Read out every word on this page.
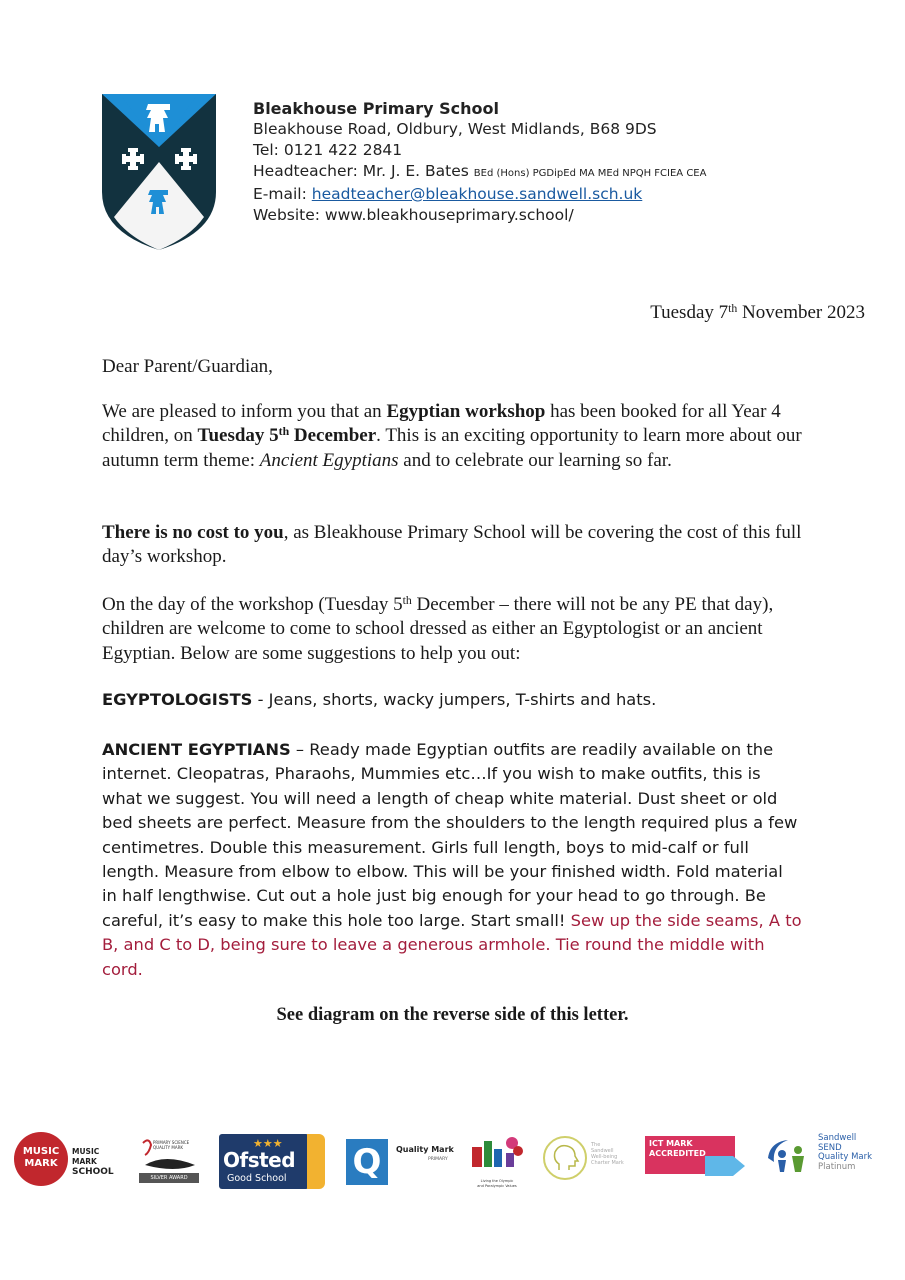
Bleakhouse Primary School
Bleakhouse Road, Oldbury, West Midlands, B68 9DS
Tel: 0121 422 2841
Headteacher: Mr. J. E. Bates BEd (Hons) PGDipEd MA MEd NPQH FCIEA CEA
E-mail: headteacher@bleakhouse.sandwell.sch.uk
Website: www.bleakhouseprimary.school/
Tuesday 7th November 2023

Dear Parent/Guardian,

We are pleased to inform you that an Egyptian workshop has been booked for all Year 4 children, on Tuesday 5th December. This is an exciting opportunity to learn more about our autumn term theme: Ancient Egyptians and to celebrate our learning so far.

There is no cost to you, as Bleakhouse Primary School will be covering the cost of this full day’s workshop.

On the day of the workshop (Tuesday 5th December – there will not be any PE that day), children are welcome to come to school dressed as either an Egyptologist or an ancient Egyptian. Below are some suggestions to help you out:

EGYPTOLOGISTS - Jeans, shorts, wacky jumpers, T-shirts and hats.

ANCIENT EGYPTIANS – Ready made Egyptian outfits are readily available on the internet. Cleopatras, Pharaohs, Mummies etc…If you wish to make outfits, this is what we suggest. You will need a length of cheap white material. Dust sheet or old bed sheets are perfect. Measure from the shoulders to the length required plus a few centimetres. Double this measurement. Girls full length, boys to mid-calf or full length. Measure from elbow to elbow. This will be your finished width. Fold material in half lengthwise. Cut out a hole just big enough for your head to go through. Be careful, it’s easy to make this hole too large. Start small! Sew up the side seams, A to B, and C to D, being sure to leave a generous armhole. Tie round the middle with cord.

See diagram on the reverse side of this letter.
MUSIC
MARK
MUSIC MARK
SCHOOL
PRIMARY SCIENCE
QUALITY MARK
SILVER AWARD
★★★
Ofsted
Good School Q	Quality Mark
PRIMARY
Living the Olympic
and Paralympic Values
The
Sandwell
Well-being
Charter Mark
ICT MARK
ACCREDITED
Sandwell
SEND
Quality Mark
Platinum
